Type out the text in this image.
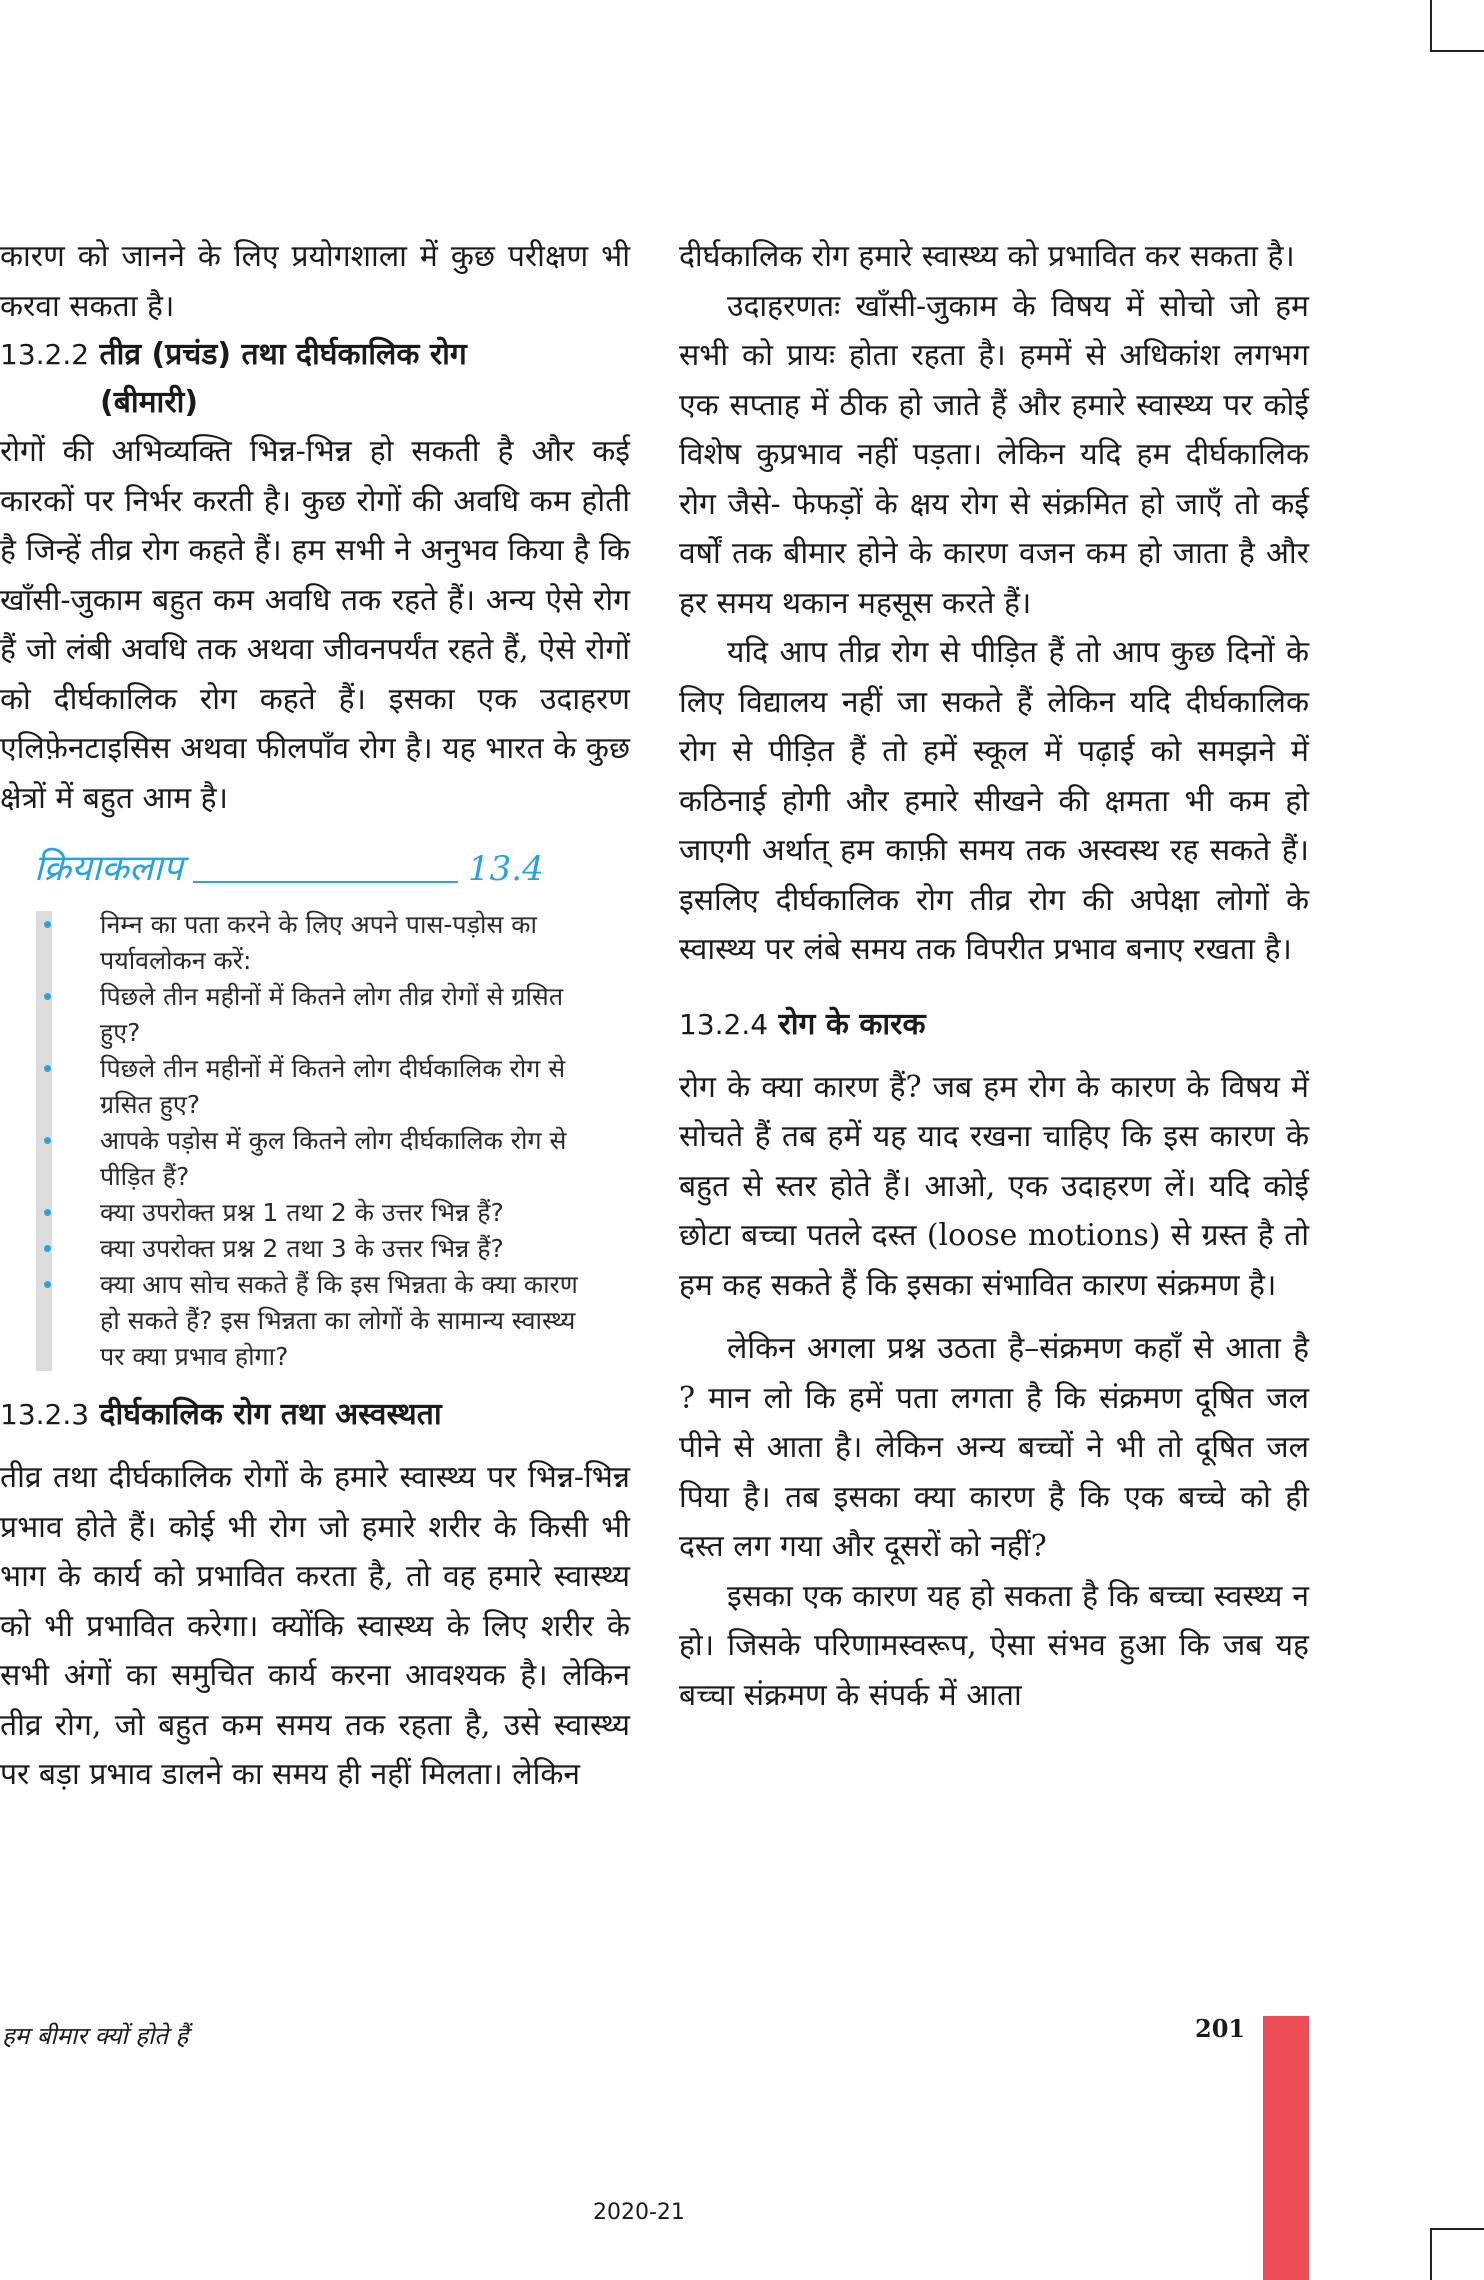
कारण को जानने के लिए प्रयोगशाला में कुछ परीक्षण भी करवा सकता है।

13.2.2 तीव्र (प्रचंड) तथा दीर्घकालिक रोग
(बीमारी)

रोगों की अभिव्यक्ति भिन्न-भिन्न हो सकती है और कई कारकों पर निर्भर करती है। कुछ रोगों की अवधि कम होती है जिन्हें तीव्र रोग कहते हैं। हम सभी ने अनुभव किया है कि खाँसी-जुकाम बहुत कम अवधि तक रहते हैं। अन्य ऐसे रोग हैं जो लंबी अवधि तक अथवा जीवनपर्यंत रहते हैं, ऐसे रोगों को दीर्घकालिक रोग कहते हैं। इसका एक उदाहरण एलिफ़ेनटाइसिस अथवा फीलपाँव रोग है। यह भारत के कुछ क्षेत्रों में बहुत आम है।

क्रियाकलाप	13.4
निम्न का पता करने के लिए अपने पास-पड़ोस का पर्यावलोकन करें:
पिछले तीन महीनों में कितने लोग तीव्र रोगों से ग्रसित हुए?
पिछले तीन महीनों में कितने लोग दीर्घकालिक रोग से ग्रसित हुए?
आपके पड़ोस में कुल कितने लोग दीर्घकालिक रोग से पीड़ित हैं?
क्या उपरोक्त प्रश्न 1 तथा 2 के उत्तर भिन्न हैं?
क्या उपरोक्त प्रश्न 2 तथा 3 के उत्तर भिन्न हैं?
क्या आप सोच सकते हैं कि इस भिन्नता के क्या कारण हो सकते हैं? इस भिन्नता का लोगों के सामान्य स्वास्थ्य पर क्या प्रभाव होगा?
13.2.3 दीर्घकालिक रोग तथा अस्वस्थता

तीव्र तथा दीर्घकालिक रोगों के हमारे स्वास्थ्य पर भिन्न-भिन्न प्रभाव होते हैं। कोई भी रोग जो हमारे शरीर के किसी भी भाग के कार्य को प्रभावित करता है, तो वह हमारे स्वास्थ्य को भी प्रभावित करेगा। क्योंकि स्वास्थ्य के लिए शरीर के सभी अंगों का समुचित कार्य करना आवश्यक है। लेकिन तीव्र रोग, जो बहुत कम समय तक रहता है, उसे स्वास्थ्य पर बड़ा प्रभाव डालने का समय ही नहीं मिलता। लेकिन

दीर्घकालिक रोग हमारे स्वास्थ्य को प्रभावित कर सकता है।

उदाहरणतः खाँसी-जुकाम के विषय में सोचो जो हम सभी को प्रायः होता रहता है। हममें से अधिकांश लगभग एक सप्ताह में ठीक हो जाते हैं और हमारे स्वास्थ्य पर कोई विशेष कुप्रभाव नहीं पड़ता। लेकिन यदि हम दीर्घकालिक रोग जैसे- फेफड़ों के क्षय रोग से संक्रमित हो जाएँ तो कई वर्षों तक बीमार होने के कारण वजन कम हो जाता है और हर समय थकान महसूस करते हैं।

यदि आप तीव्र रोग से पीड़ित हैं तो आप कुछ दिनों के लिए विद्यालय नहीं जा सकते हैं लेकिन यदि दीर्घकालिक रोग से पीड़ित हैं तो हमें स्कूल में पढ़ाई को समझने में कठिनाई होगी और हमारे सीखने की क्षमता भी कम हो जाएगी अर्थात् हम काफ़ी समय तक अस्वस्थ रह सकते हैं। इसलिए दीर्घकालिक रोग तीव्र रोग की अपेक्षा लोगों के स्वास्थ्य पर लंबे समय तक विपरीत प्रभाव बनाए रखता है।

13.2.4 रोग के कारक

रोग के क्या कारण हैं? जब हम रोग के कारण के विषय में सोचते हैं तब हमें यह याद रखना चाहिए कि इस कारण के बहुत से स्तर होते हैं। आओ, एक उदाहरण लें। यदि कोई छोटा बच्चा पतले दस्त (loose motions) से ग्रस्त है तो हम कह सकते हैं कि इसका संभावित कारण संक्रमण है।

लेकिन अगला प्रश्न उठता है–संक्रमण कहाँ से आता है ? मान लो कि हमें पता लगता है कि संक्रमण दूषित जल पीने से आता है। लेकिन अन्य बच्चों ने भी तो दूषित जल पिया है। तब इसका क्या कारण है कि एक बच्चे को ही दस्त लग गया और दूसरों को नहीं?

इसका एक कारण यह हो सकता है कि बच्चा स्वस्थ्य न हो। जिसके परिणामस्वरूप, ऐसा संभव हुआ कि जब यह बच्चा संक्रमण के संपर्क में आता

हम बीमार क्यों होते हैं	201
2020-21
